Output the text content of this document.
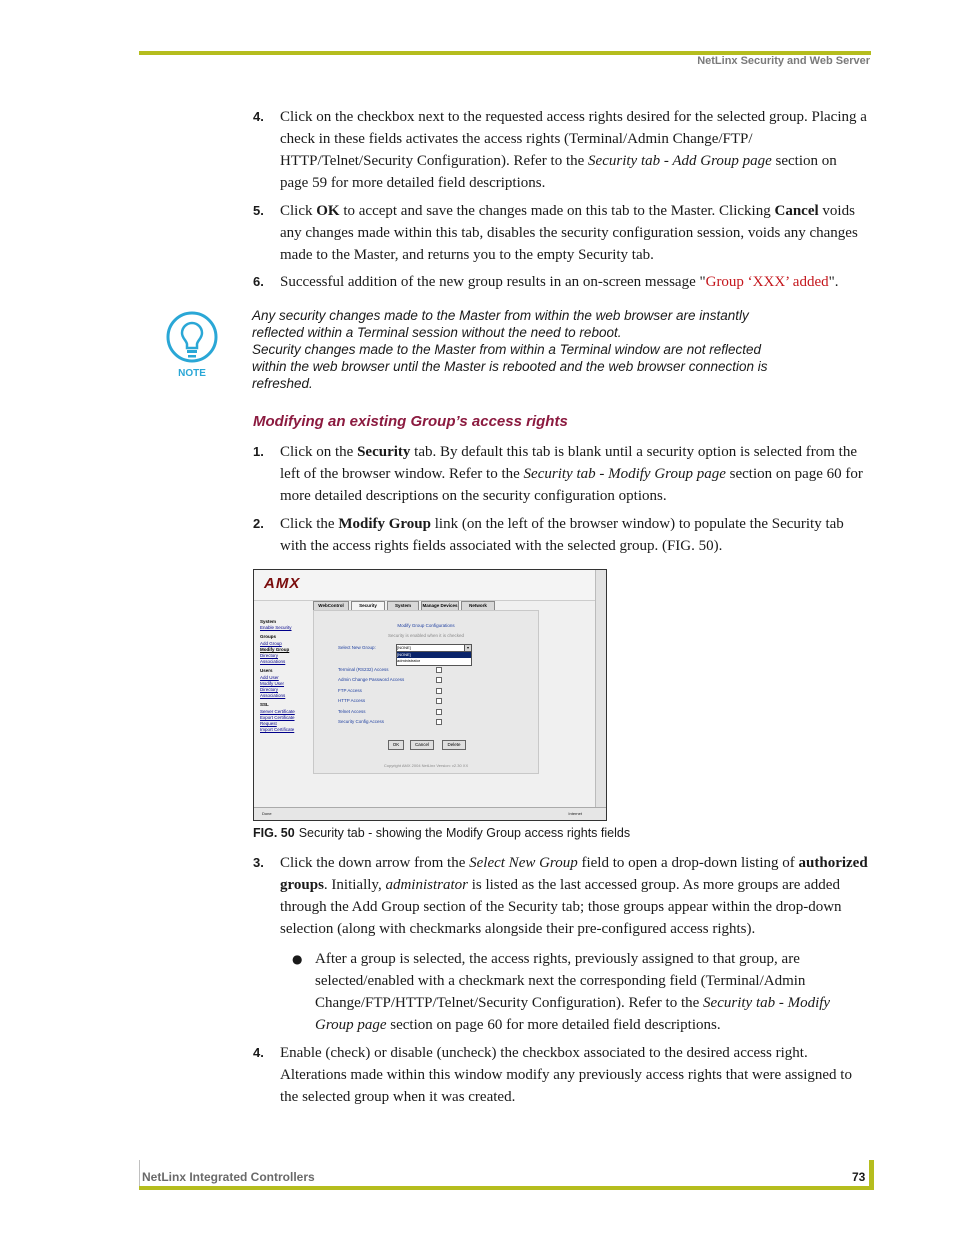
NetLinx Security and Web Server
4. Click on the checkbox next to the requested access rights desired for the selected group. Placing a check in these fields activates the access rights (Terminal/Admin Change/FTP/ HTTP/Telnet/Security Configuration). Refer to the Security tab - Add Group page section on page 59 for more detailed field descriptions.
5. Click OK to accept and save the changes made on this tab to the Master. Clicking Cancel voids any changes made within this tab, disables the security configuration session, voids any changes made to the Master, and returns you to the empty Security tab.
6. Successful addition of the new group results in an on-screen message "Group ‘XXX’ added".
NOTE
Any security changes made to the Master from within the web browser are instantly reflected within a Terminal session without the need to reboot.
Security changes made to the Master from within a Terminal window are not reflected within the web browser until the Master is rebooted and the web browser connection is refreshed.
Modifying an existing Group’s access rights
1. Click on the Security tab. By default this tab is blank until a security option is selected from the left of the browser window. Refer to the Security tab - Modify Group page section on page 60 for more detailed descriptions on the security configuration options.
2. Click the Modify Group link (on the left of the browser window) to populate the Security tab with the access rights fields associated with the selected group. (FIG. 50).
AMX
WebControl	Security	System	Manage Devices	Network
System
Enable Security
Groups
Add Group
Modify Group
Directory
Associations
Users
Add User
Modify User
Directory
Associations
SSL
Server Certificate
Export Certificate
Request
Import Certificate
Modify Group Configurations
Security is enabled when it is checked
Select New Group:	[NONE]	▾
[NONE]
administrator
Terminal (RS232) Access
Admin Change Password Access
FTP Access
HTTP Access
Telnet Access
Security Config Access
OK	Cancel	Delete
Copyright AMX 2004 NetLinx Version: v2.30 XX
Done	Internet
FIG. 50 Security tab - showing the Modify Group access rights fields
3. Click the down arrow from the Select New Group field to open a drop-down listing of authorized groups. Initially, administrator is listed as the last accessed group. As more groups are added through the Add Group section of the Security tab; those groups appear within the drop-down selection (along with checkmarks alongside their pre-configured access rights).
● After a group is selected, the access rights, previously assigned to that group, are selected/enabled with a checkmark next the corresponding field (Terminal/Admin Change/FTP/HTTP/Telnet/Security Configuration). Refer to the Security tab - Modify Group page section on page 60 for more detailed field descriptions.
4. Enable (check) or disable (uncheck) the checkbox associated to the desired access right. Alterations made within this window modify any previously access rights that were assigned to the selected group when it was created.
NetLinx Integrated Controllers	73
